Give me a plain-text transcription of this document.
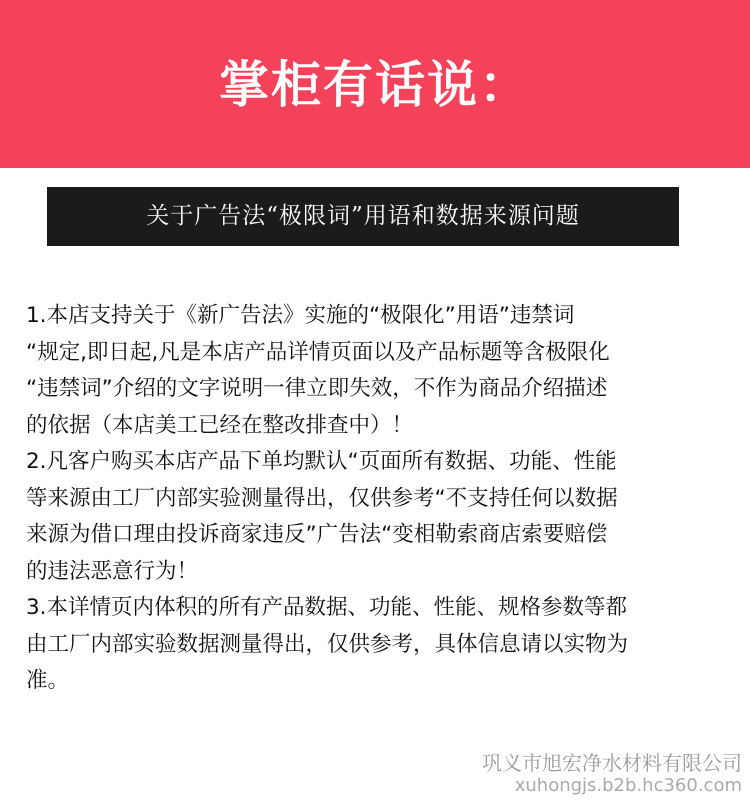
掌柜有话说：
关于广告法“极限词”用语和数据来源问题
1.本店支持关于《新广告法》实施的“极限化”用语”违禁词
“规定,即日起,凡是本店产品详情页面以及产品标题等含极限化
“违禁词”介绍的文字说明一律立即失效，不作为商品介绍描述
的依据（本店美工已经在整改排查中）！
2.凡客户购买本店产品下单均默认“页面所有数据、功能、性能
等来源由工厂内部实验测量得出，仅供参考“不支持任何以数据
来源为借口理由投诉商家违反”广告法“变相勒索商店索要赔偿
的违法恶意行为！
3.本详情页内体积的所有产品数据、功能、性能、规格参数等都
由工厂内部实验数据测量得出，仅供参考，具体信息请以实物为
准。
巩义市旭宏净水材料有限公司
xuhongjs.b2b.hc360.com
